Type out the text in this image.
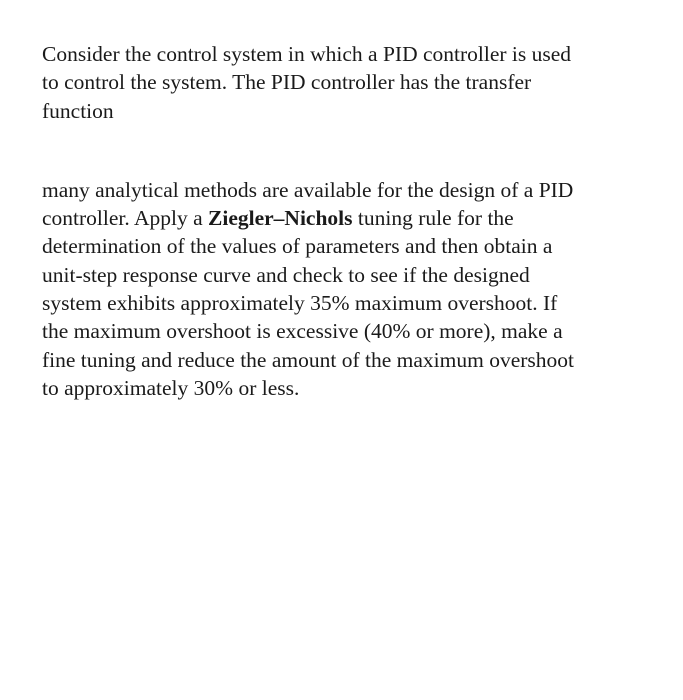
Consider the control system in which a PID controller is used
to control the system. The PID controller has the transfer
function
many analytical methods are available for the design of a PID
controller. Apply a Ziegler–Nichols tuning rule for the
determination of the values of parameters and then obtain a
unit-step response curve and check to see if the designed
system exhibits approximately 35% maximum overshoot. If
the maximum overshoot is excessive (40% or more), make a
fine tuning and reduce the amount of the maximum overshoot
to approximately 30% or less.
